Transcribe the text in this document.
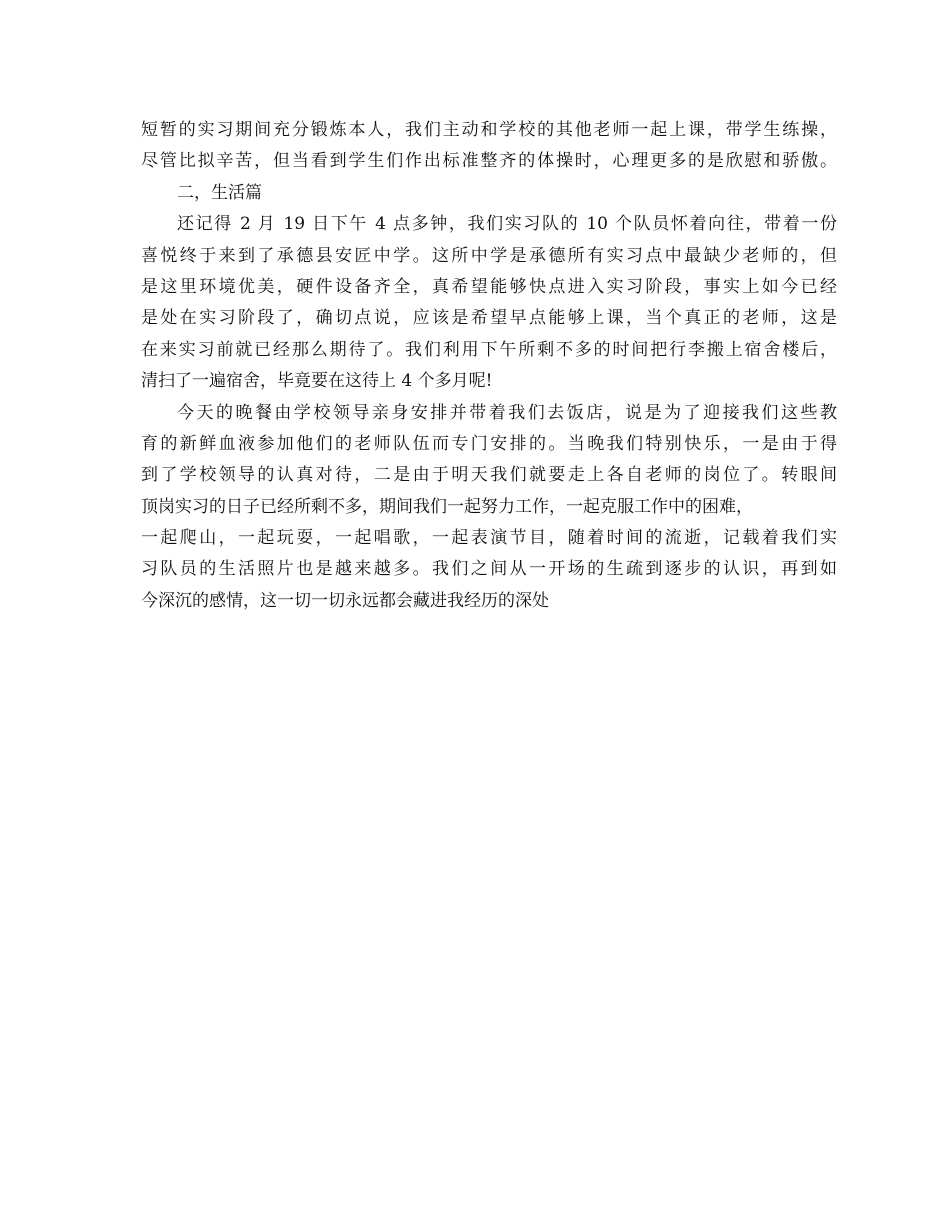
短暂的实习期间充分锻炼本人，我们主动和学校的其他老师一起上课，带学生练操，
尽管比拟辛苦，但当看到学生们作出标准整齐的体操时，心理更多的是欣慰和骄傲。
二，生活篇
还记得 2 月 19 日下午 4 点多钟，我们实习队的 10 个队员怀着向往，带着一份
喜悦终于来到了承德县安匠中学。这所中学是承德所有实习点中最缺少老师的，但
是这里环境优美，硬件设备齐全，真希望能够快点进入实习阶段，事实上如今已经
是处在实习阶段了，确切点说，应该是希望早点能够上课，当个真正的老师，这是
在来实习前就已经那么期待了。我们利用下午所剩不多的时间把行李搬上宿舍楼后，
清扫了一遍宿舍，毕竟要在这待上 4 个多月呢!
今天的晚餐由学校领导亲身安排并带着我们去饭店，说是为了迎接我们这些教
育的新鲜血液参加他们的老师队伍而专门安排的。当晚我们特别快乐，一是由于得
到了学校领导的认真对待，二是由于明天我们就要走上各自老师的岗位了。转眼间
顶岗实习的日子已经所剩不多，期间我们一起努力工作，一起克服工作中的困难，
一起爬山，一起玩耍，一起唱歌，一起表演节目，随着时间的流逝，记载着我们实
习队员的生活照片也是越来越多。我们之间从一开场的生疏到逐步的认识，再到如
今深沉的感情，这一切一切永远都会藏进我经历的深处
